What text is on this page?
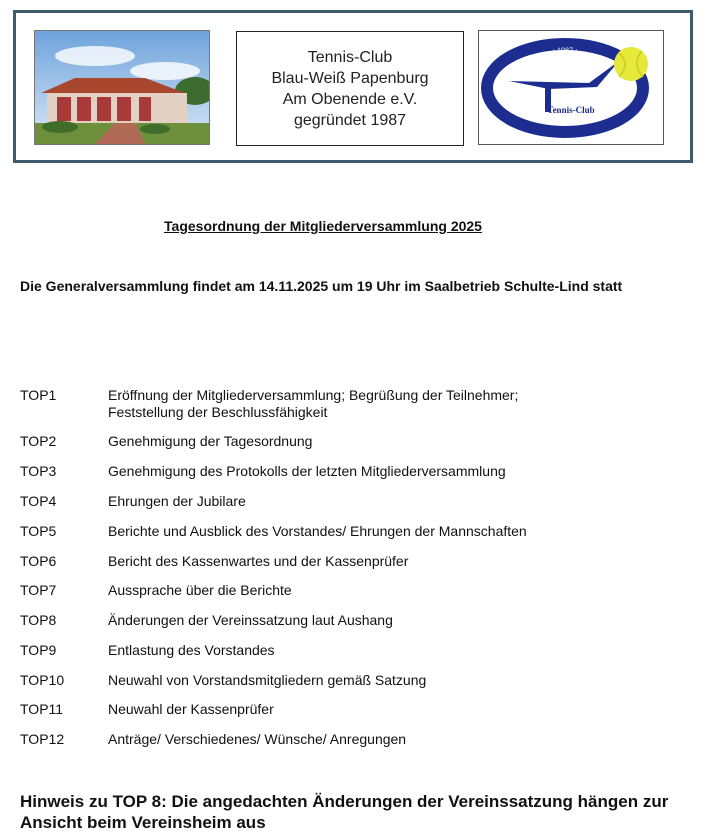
Tennis-Club
Blau-Weiß Papenburg
Am Obenende e.V.
gegründet 1987
· 1987 ·
Tennis-Club
Tagesordnung der Mitgliederversammlung 2025
Die Generalversammlung findet am 14.11.2025 um 19 Uhr im Saalbetrieb Schulte-Lind statt
TOP1	Eröffnung der Mitgliederversammlung; Begrüßung der Teilnehmer;
Feststellung der Beschlussfähigkeit
TOP2	Genehmigung der Tagesordnung
TOP3	Genehmigung des Protokolls der letzten Mitgliederversammlung
TOP4	Ehrungen der Jubilare
TOP5	Berichte und Ausblick des Vorstandes/ Ehrungen der Mannschaften
TOP6	Bericht des Kassenwartes und der Kassenprüfer
TOP7	Aussprache über die Berichte
TOP8	Änderungen der Vereinssatzung laut Aushang
TOP9	Entlastung des Vorstandes
TOP10	Neuwahl von Vorstandsmitgliedern gemäß Satzung
TOP11	Neuwahl der Kassenprüfer
TOP12	Anträge/ Verschiedenes/ Wünsche/ Anregungen
Hinweis zu TOP 8: Die angedachten Änderungen der Vereinssatzung hängen zur Ansicht beim Vereinsheim aus
